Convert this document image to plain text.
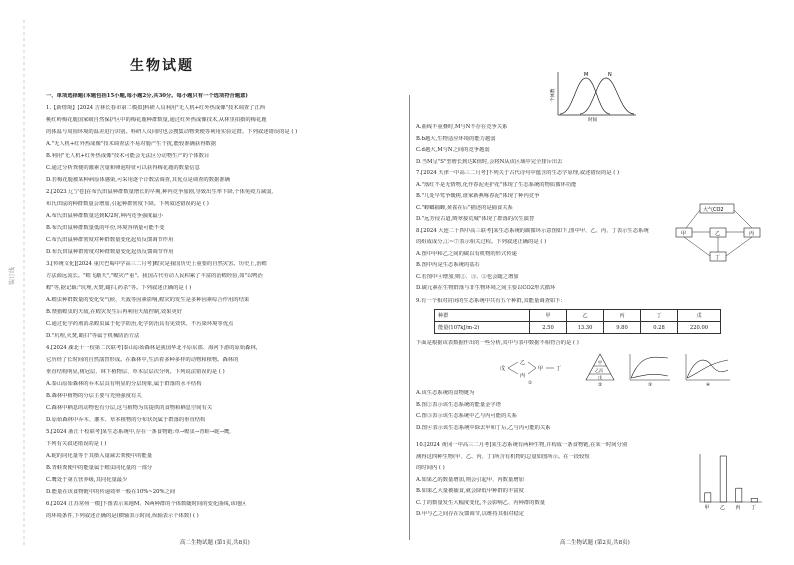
装订线
生物试题
一、单项选择题(本题包括15小题,每小题2分,共30分。每小题只有一个选项符合题意)
1.【新情境】[2024 吉林长春市第二模拟]科研人员利用"无人机+红外热成像"技术调查了江西
桃红岭梅花鹿国家级自然保护区中的梅花鹿种群数量,通过红外热成像技术,从林里拍摄的梅花鹿
的体温与周围环境的温差进行识别。科研人员同时也会搜集动物粪便等利用实验定群。下列叙述错误的是 ( )
A."无人机+红外热成像"技术调查法不易对鹿产生干扰,能较准确获得数据
B.利用"无人机+红外热成像"技术可能会无法区分动物生产的个体数目
C.通过分析粪便的激素含量和卵泡特征可以获得梅花鹿的数量信息
D.若梅花鹿被某种病原体感染,可采用逐个计数法调查,其优点是调查的数据准确
2.[2023 辽宁卷]在布氏田鼠种群数量增长的早期,种内竞争加剧,导致出生率下降,个体免疫力减弱,
布氏田鼠的种群数量会增加,引起种群密度下降。下列叙述错误的是 ( )
A.布氏田鼠种群数量达到K/2时,种内竞争强度最小
B.布氏田鼠种群数量低的年份,环境容纳量可能不变
C.布氏田鼠种群密度对种群数量变化起负反馈调节作用
D.布氏田鼠种群密度对种群数量变化起负反馈调节作用
3.[传统文化][2024 重庆巴蜀中学高三二月考]蝗灾是我国历史上重要的自然灾害。历史上,治蝗
方法源远流长。"蝗飞蔽天","蝗灾严重"。我国古代劳动人民积累了丰富的治蝗经验,如"以鸭治
蝗"等,据记载:"坑埋,火焚,蜡扫,药杀"等。下列叙述正确的是 ( )
A.蝗虫种群数量的变化受气候、天敌等因素影响,蝗灾的发生是多种因素综合作用的结果
B.禁猎蝗虫的天敌,在蝗灾发生后再利用天敌控制,效果更好
C.通过化学药剂消杀蝗虫属于化学防治,化学防治具有见效快、不污染环境等优点
D."坑埋,火焚,蜡扫"等属于机械防治方法
4.[2024 湖北十一校第二次联考]泰山原始森林是我国华北平原东部、海河下游的原始森林,
它历经了长时间的自然演替形成。在森林中,生活着多种多样的动物和植物。森林的
垂直结构明显,树冠层、林下植物层、草本层层次分明。下列说法错误的是 ( )
A.泰山原始森林的乔木层具有明显的分层现象,属于群落的水平结构
B.森林中植物的分层主要与光照强度有关
C.森林中栖息的动物也有分层,这与植物为其提供的食物和栖息空间有关
D.原始森林中乔木、灌木、草本植物的分布状况属于群落的垂直结构
5.[2024 浙江十校联考]某生态系统中,存在一条食物链:草→蝗虫→青蛙→蛇→鹰,
下列有关叙述错误的是 ( )
A.蛇的同化量等于其摄入量减去粪便中的能量
B.青蛙粪便中的能量属于蝗虫同化量的一部分
C.鹰处于第五营养级,其同化量最少
D.能量在该食物链中的传递效率一般在10%~20%之间
6.[2024 江苏常州一模]下图表示某地M、N两种群的个体数随时间的变化曲线,该地区
的环境条件,下列叙述正确的是(横轴表示时间,纵轴表示个体数) ( )
A.曲线不重叠时,M与N不存在竞争关系
B.b越大,生物适应环境的能力越弱
C.d越大,M与N之间的竞争越弱
D.当M呈"S"型增长到达K值时,会将N从该区域中完全排斥出去
7.[2024 天津一中高三二月考]下列关于古代诗句中蕴含的生态学原理,叙述错误的是 ( )
A."落红不是无情物,化作春泥更护花"体现了生态系统的物质循环功能
B."几处早莺争暖树,谁家新燕啄春泥"体现了种内竞争
C."螳螂捕蝉,黄雀在后"描述的是捕食关系
D."远芳侵古道,晴翠接荒城"体现了群落的次生演替
8.[2024 大连二十四中高三联考]某生态系统的碳循环示意图如下,图中甲、乙、丙、丁表示生态系统
的组成成分,①~⑦表示相关过程。下列叙述正确的是 ( )
A.图中甲和乙之间的碳以有机物的形式传递
B.图中丙是生态系统的基石
C.若图中④增加,则②、③、⑤也会随之增加
D.碳元素在生物群落与非生物环境之间主要以CO2形式循环
9.有一个相对封闭的生态系统中共有五个种群,其能量调查如下:
下面是根据该表数据作出的一些分析,其中与表中数据不相符合的是 ( )
A.该生态系统的食物链为
B.图②表示该生态系统的能量金字塔
C.图③表示该生态系统中乙与丙可能的关系
D.图④表示该生态系统中除去甲和丁后,乙与丙可能的关系
10.[2024 黄冈一中高三二月考]某生态系统有两种生物,并构成一条食物链,在某一时间分别
测得这四种生物(甲、乙、丙、丁)所含有机物的总量如图所示。在一段较短
的时间内 ( )
A.如果乙的数量增加,则会引起甲、丙数量增加
B.如果乙大量被捕食,就会降低甲种群的丰富度
C.丁的数量发生大幅度变化,不会影响乙、丙种群的数量
D.甲与乙之间存在反馈调节,以维持其相对稳定
M	N
时间
个体数
大气CO2
甲	乙	丙
丁
种群	甲	乙	丙	丁	戊
能量(107kJ/m-2)	2.50	13.30	9.80	0.28	220.00
戊
乙
丙
甲	丁
①
甲
乙丙
戊
②	③	④
甲 乙 丙 丁
高二生物试题 (第1页,共8页)	高二生物试题 (第2页,共8页)
